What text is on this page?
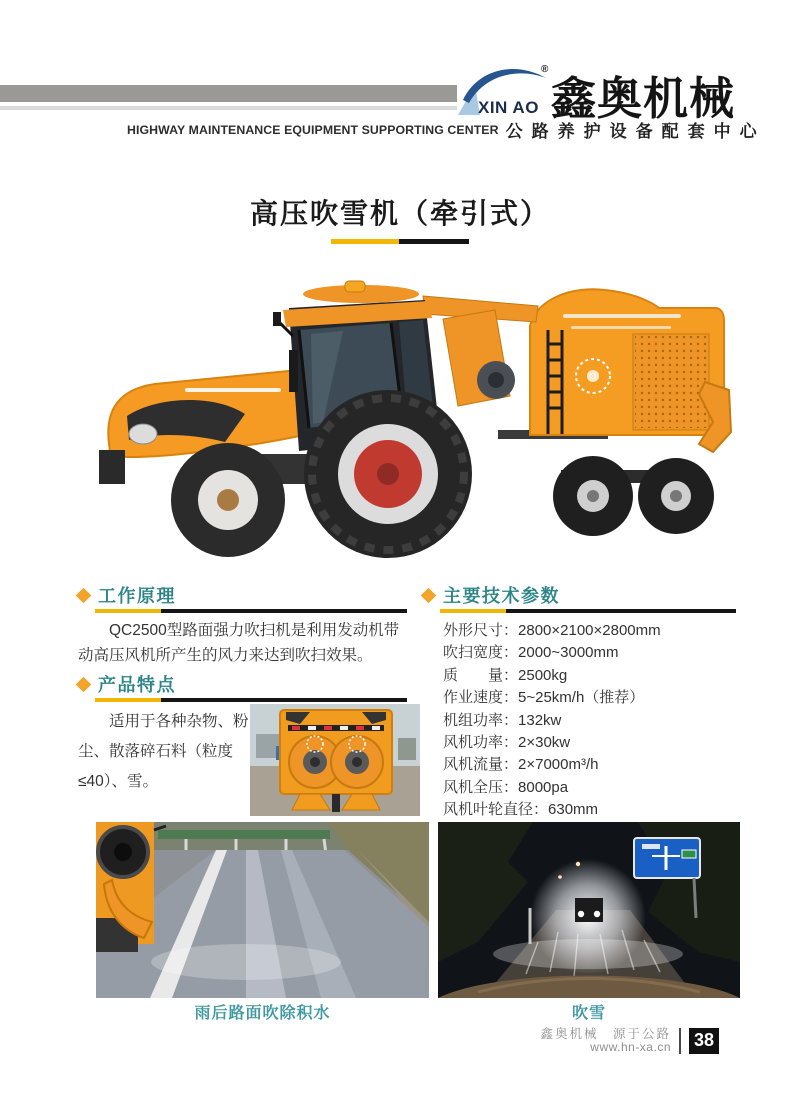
XIN AO
®
鑫奥机械
HIGHWAY MAINTENANCE EQUIPMENT SUPPORTING CENTER 公路养护设备配套中心
高压吹雪机（牵引式）
工作原理
QC2500型路面强力吹扫机是利用发动机带动高压风机所产生的风力来达到吹扫效果。
产品特点
适用于各种杂物、粉尘、散落碎石料（粒度≤40）、雪。
主要技术参数
外形尺寸：2800×2100×2800mm
吹扫宽度：2000~3000mm
质　　量：2500kg
作业速度：5~25km/h（推荐）
机组功率：132kw
风机功率：2×30kw
风机流量：2×7000m³/h
风机全压：8000pa
风机叶轮直径：630mm
雨后路面吹除积水	吹雪
鑫奥机械　源于公路
www.hn-xa.cn 38
